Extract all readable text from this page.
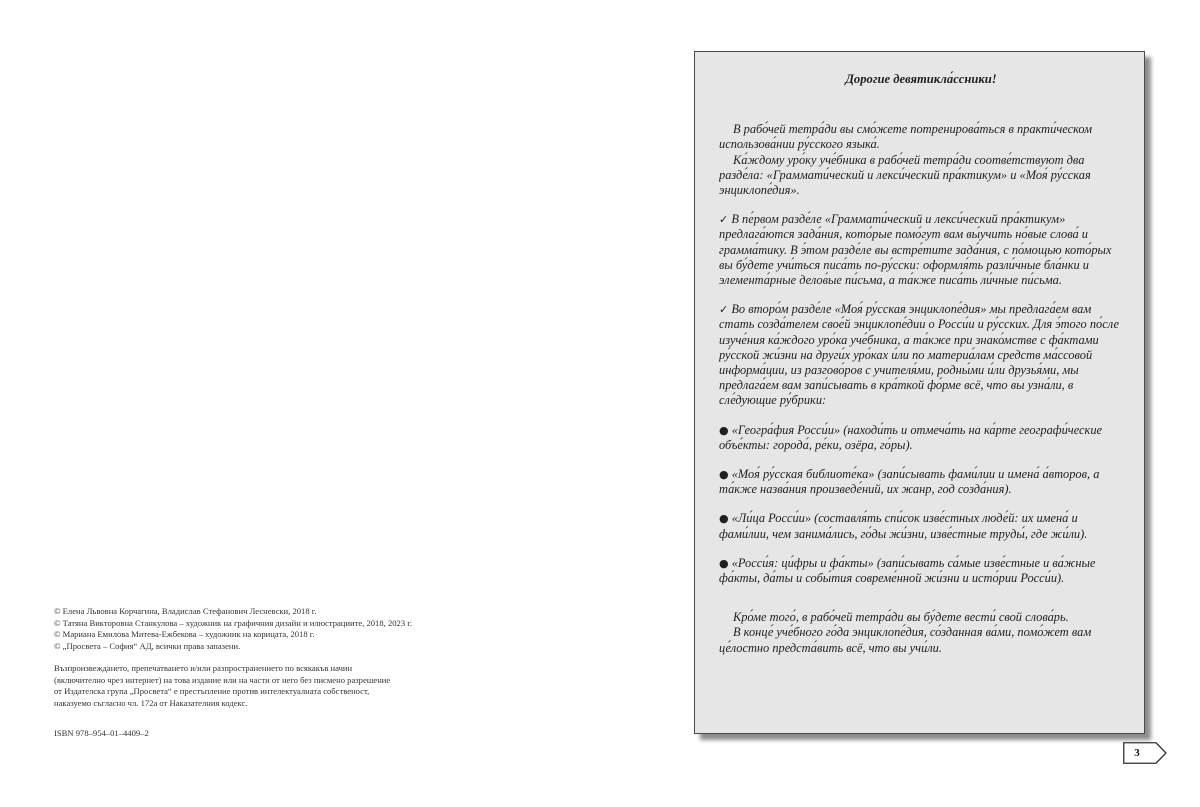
© Елена Львовна Корчагина, Владислав Стефанович Лесневски, 2018 г.

© Татяна Викторовна Станкулова – художник на графичния дизайн и илюстрациите, 2018, 2023 г.

© Мариана Емилова Митева-Ежбекова – художник на корицата, 2018 г.

© „Просвета – София“ АД, всички права запазени.

Възпроизвеждането, препечатването и/или разпространението по всякакъв начин

(включително чрез интернет) на това издание или на части от него без писмено разрешение

от Издателска група „Просвета“ е престъпление против интелектуалната собственост,

наказуемо съгласно чл. 172а от Наказателния кодекс.

ISBN 978–954–01–4409–2

Дорогие девятикла́ссники!

В рабо́чей тетра́ди вы смо́жете потренирова́ться в практи́ческом использова́нии ру́сского языка́.

Ка́ждому уро́ку уче́бника в рабо́чей тетра́ди соотве́тствуют два разде́ла: «Граммати́ческий и лекси́ческий пра́ктикум» и «Моя́ ру́сская энциклопе́дия».

✓ В пе́рвом разде́ле «Граммати́ческий и лекси́ческий пра́ктикум» предлага́ются зада́ния, кото́рые помо́гут вам вы́учить но́вые слова́ и грамма́тику. В э́том разде́ле вы встре́тите зада́ния, с по́мощью кото́рых вы бу́дете учи́ться писа́ть по-ру́сски: оформля́ть разли́чные бла́нки и элемента́рные делов́ые пи́сьма, а та́кже писа́ть ли́чные пи́сьма.

✓ Во второ́м разде́ле «Моя́ ру́сская энциклопе́дия» мы предлага́ем вам стать созда́телем свое́й энциклопе́дии о Росси́и и ру́сских. Для э́того по́сле изуче́ния ка́ждого уро́ка уче́бника, а та́кже при знако́мстве с фа́ктами ру́сской жи́зни на други́х уро́ках и́ли по материа́лам средств ма́ссовой информа́ции, из разгово́ров с учителя́ми, родны́ми и́ли друзья́ми, мы предлага́ем вам запи́сывать в кра́ткой фо́рме всё, что вы узна́ли, в сле́дующие ру́брики:

● «Геогра́фия Росси́и» (находи́ть и отмеча́ть на ка́рте географи́ческие объе́кты: города́, ре́ки, озёра, го́ры).

● «Моя́ ру́сская библиоте́ка» (запи́сывать фами́лии и имена́ а́второв, а та́кже назва́ния произведе́ний, их жанр, год созда́ния).

● «Ли́ца Росси́и» (составля́ть спи́сок изве́стных люде́й: их имена́ и фами́лии, чем занима́лись, го́ды жи́зни, изве́стные труды́, где жи́ли).

● «Росси́я: ци́фры и фа́кты» (запи́сывать са́мые изве́стные и ва́жные фа́кты, да́ты и собы́тия совреме́нной жи́зни и исто́рии Росси́и).

Кро́ме того́, в рабо́чей тетра́ди вы бу́дете вести́ свой слова́рь.

В конце́ уче́бного го́да энциклопе́дия, со́зданная ва́ми, помо́жет вам це́лостно предста́вить всё, что вы учи́ли.

3
